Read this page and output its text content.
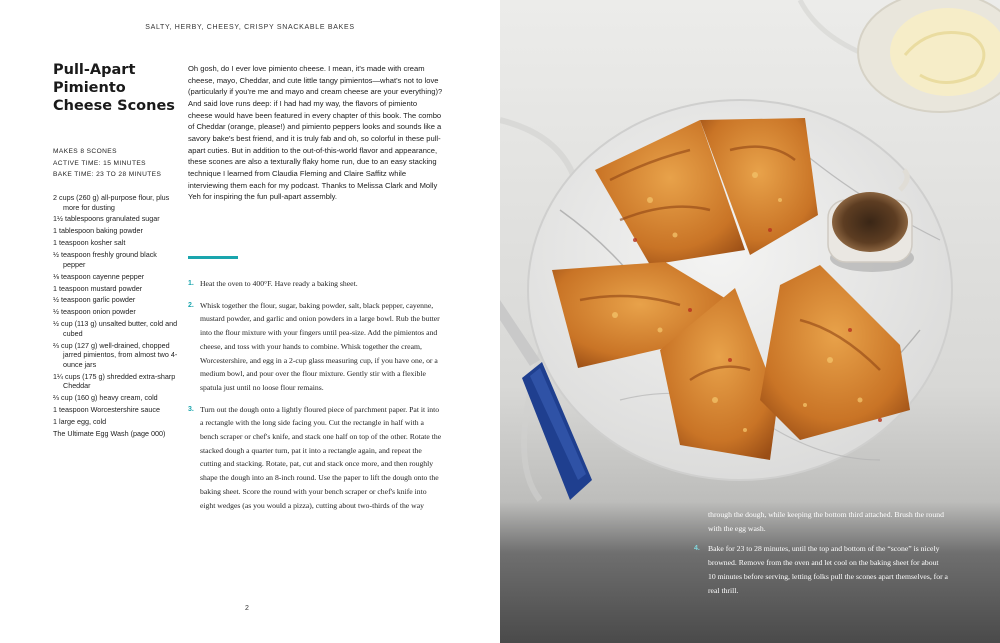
SALTY, HERBY, CHEESY, CRISPY SNACKABLE BAKES
Pull-Apart
Pimiento
Cheese Scones
MAKES 8 SCONES
ACTIVE TIME: 15 MINUTES
BAKE TIME: 23 TO 28 MINUTES
2 cups (260 g) all-purpose flour, plus more for dusting
1½ tablespoons granulated sugar
1 tablespoon baking powder
1 teaspoon kosher salt
½ teaspoon freshly ground black pepper
⅛ teaspoon cayenne pepper
1 teaspoon mustard powder
½ teaspoon garlic powder
½ teaspoon onion powder
½ cup (113 g) unsalted butter, cold and cubed
⅔ cup (127 g) well-drained, chopped jarred pimientos, from almost two 4-ounce jars
1¼ cups (175 g) shredded extra-sharp Cheddar
⅔ cup (160 g) heavy cream, cold
1 teaspoon Worcestershire sauce
1 large egg, cold
The Ultimate Egg Wash (page 000)

Oh gosh, do I ever love pimiento cheese. I mean, it's made with cream cheese, mayo, Cheddar, and cute little tangy pimientos—what's not to love (particularly if you're me and mayo and cream cheese are your everything)? And said love runs deep: if I had had my way, the flavors of pimiento cheese would have been featured in every chapter of this book. The combo of Cheddar (orange, please!) and pimiento peppers looks and sounds like a savory bake's best friend, and it is truly fab and oh, so colorful in these pull-apart cuties. But in addition to the out-of-this-world flavor and appearance, these scones are also a texturally flaky home run, due to an easy stacking technique I learned from Claudia Fleming and Claire Saffitz while interviewing them each for my podcast. Thanks to Melissa Clark and Molly Yeh for inspiring the fun pull-apart assembly.

1. Heat the oven to 400°F. Have ready a baking sheet.
2. Whisk together the flour, sugar, baking powder, salt, black pepper, cayenne, mustard powder, and garlic and onion powders in a large bowl. Rub the butter into the flour mixture with your fingers until pea-size. Add the pimientos and cheese, and toss with your hands to combine. Whisk together the cream, Worcestershire, and egg in a 2-cup glass measuring cup, if you have one, or a medium bowl, and pour over the flour mixture. Gently stir with a flexible spatula just until no loose flour remains.
3. Turn out the dough onto a lightly floured piece of parchment paper. Pat it into a rectangle with the long side facing you. Cut the rectangle in half with a bench scraper or chef's knife, and stack one half on top of the other. Rotate the stacked dough a quarter turn, pat it into a rectangle again, and repeat the cutting and stacking. Rotate, pat, cut and stack once more, and then roughly shape the dough into an 8-inch round. Use the paper to lift the dough onto the baking sheet. Score the round with your bench scraper or chef's knife into eight wedges (as you would a pizza), cutting about two-thirds of the way
2

through the dough, while keeping the bottom third attached. Brush the round with the egg wash.

4. Bake for 23 to 28 minutes, until the top and bottom of the “scone” is nicely browned. Remove from the oven and let cool on the baking sheet for about 10 minutes before serving, letting folks pull the scones apart themselves, for a real thrill.
